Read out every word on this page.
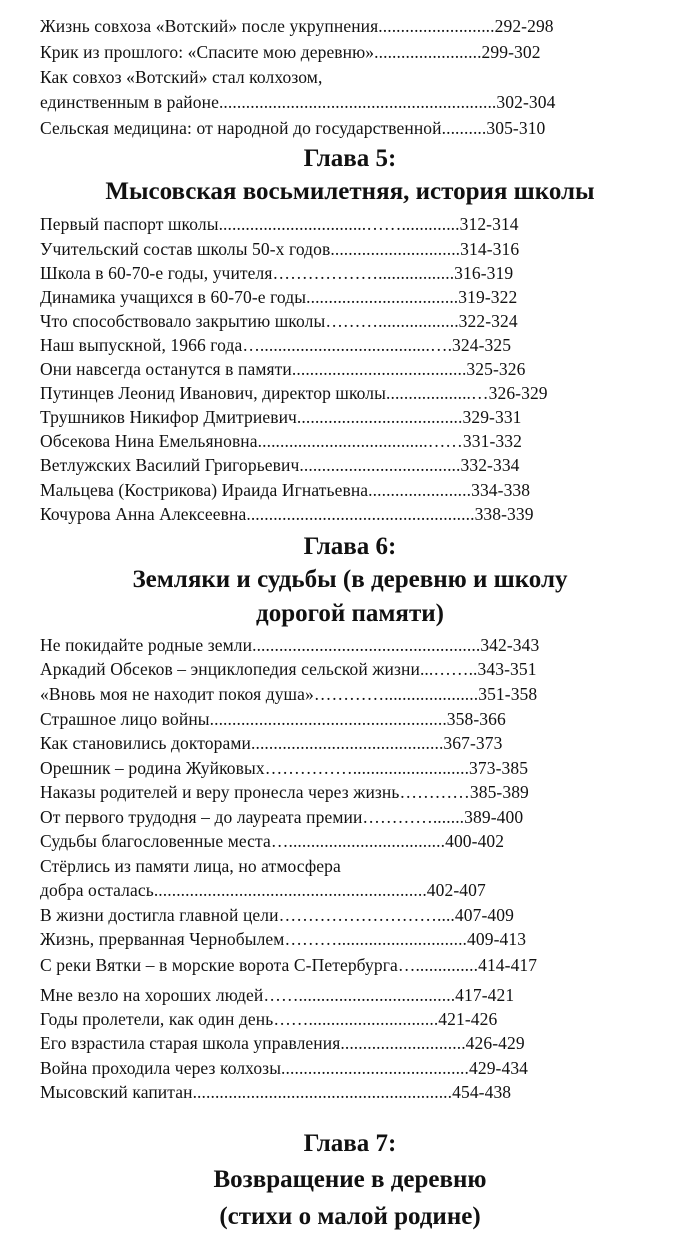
Жизнь совхоза «Вотский» после укрупнения..........................292-298
Крик из прошлого: «Спасите мою деревню»........................299-302
Как совхоз «Вотский» стал колхозом,
единственным в районе..............................................................302-304
Сельская медицина: от народной до государственной..........305-310
Глава 5:
Мысовская восьмилетняя, история школы
Первый паспорт школы.................................…….............312-314
Учительский состав школы 50-х годов.............................314-316
Школа в 60-70-е годы, учителя……………….................316-319
Динамика учащихся в 60-70-е годы..................................319-322
Что способствовало закрытию школы………..................322-324
Наш выпускной, 1966 года…......................................….324-325
Они навсегда останутся в памяти.......................................325-326
Путинцев Леонид Иванович, директор школы...................…326-329
Трушников Никифор Дмитриевич.....................................329-331
Обсекова Нина Емельяновна......................................……331-332
Ветлужских Василий Григорьевич....................................332-334
Мальцева (Кострикова) Ираида Игнатьевна.......................334-338
Кочурова Анна Алексеевна...................................................338-339
Глава 6:
Земляки и судьбы (в деревню и школу
дорогой памяти)
Не покидайте родные земли...................................................342-343
Аркадий Обсеков – энциклопедия сельской жизни...……..343-351
«Вновь моя не находит покоя душа»………….....................351-358
Страшное лицо войны.....................................................358-366
Как становились докторами...........................................367-373
Орешник – родина Жуйковых……………..........................373-385
Наказы родителей и веру пронесла через жизнь…………385-389
От первого трудодня – до лауреата премии………….......389-400
Судьбы благословенные места…...................................400-402
Стёрлись из памяти лица, но атмосфера
добра осталась.............................................................402-407
В жизни достигла главной цели………………………....407-409
Жизнь, прерванная Чернобылем……….............................409-413
С реки Вятки – в морские ворота С-Петербурга…..............414-417
Мне везло на хороших людей……...................................417-421
Годы пролетели, как один день…….............................421-426
Его взрастила старая школа управления............................426-429
Война проходила через колхозы..........................................429-434
Мысовский капитан..........................................................454-438
Глава 7:
Возвращение в деревню
(стихи о малой родине)
